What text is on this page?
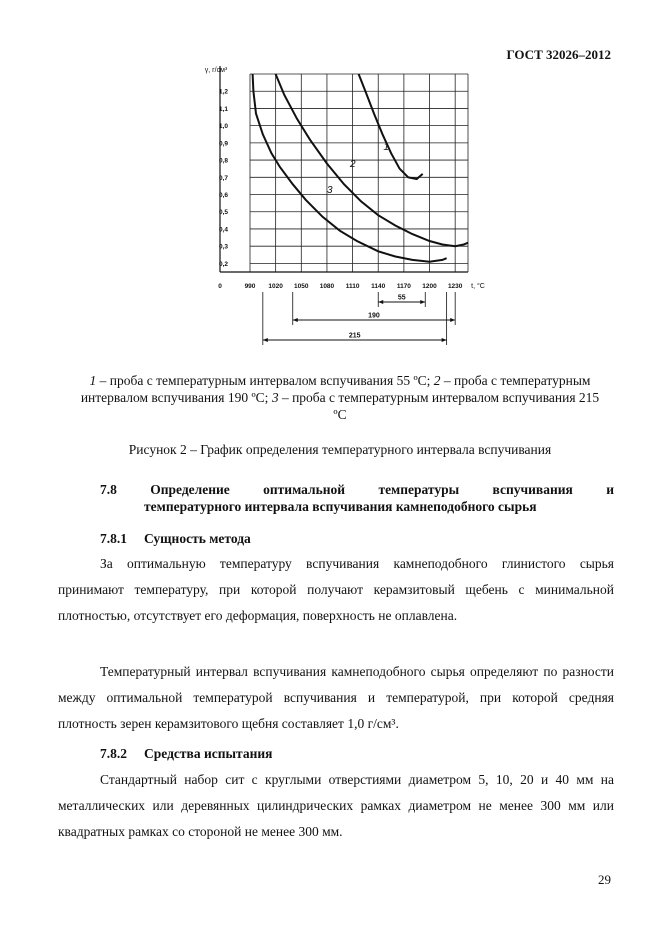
ГОСТ 32026–2012
990 1020 1050 1080 1110 1140 1170 1200 1230
0,2
0,3
0,4
0,5
0,6
0,7
0,8
0,9
1,0
1,1
1,2
0
γ, г/см³
t, °С
1
2
3
55
190
215
1 – проба с температурным интервалом вспучивания 55 ºС; 2 – проба с температурным интервалом вспучивания 190 ºС; 3 – проба с температурным интервалом вспучивания 215 ºС
Рисунок 2 – График определения температурного интервала вспучивания
7.8 Определение оптимальной температуры вспучивания и
температурного интервала вспучивания камнеподобного сырья
7.8.1 Сущность метода
За оптимальную температуру вспучивания камнеподобного глинистого сырья принимают температуру, при которой получают керамзитовый щебень с минимальной плотностью, отсутствует его деформация, поверхность не оплавлена.
Температурный интервал вспучивания камнеподобного сырья определяют по разности между оптимальной температурой вспучивания и температурой, при которой средняя плотность зерен керамзитового щебня составляет 1,0 г/см³.
7.8.2 Средства испытания
Стандартный набор сит с круглыми отверстиями диаметром 5, 10, 20 и 40 мм на металлических или деревянных цилиндрических рамках диаметром не менее 300 мм или квадратных рамках со стороной не менее 300 мм.
29
